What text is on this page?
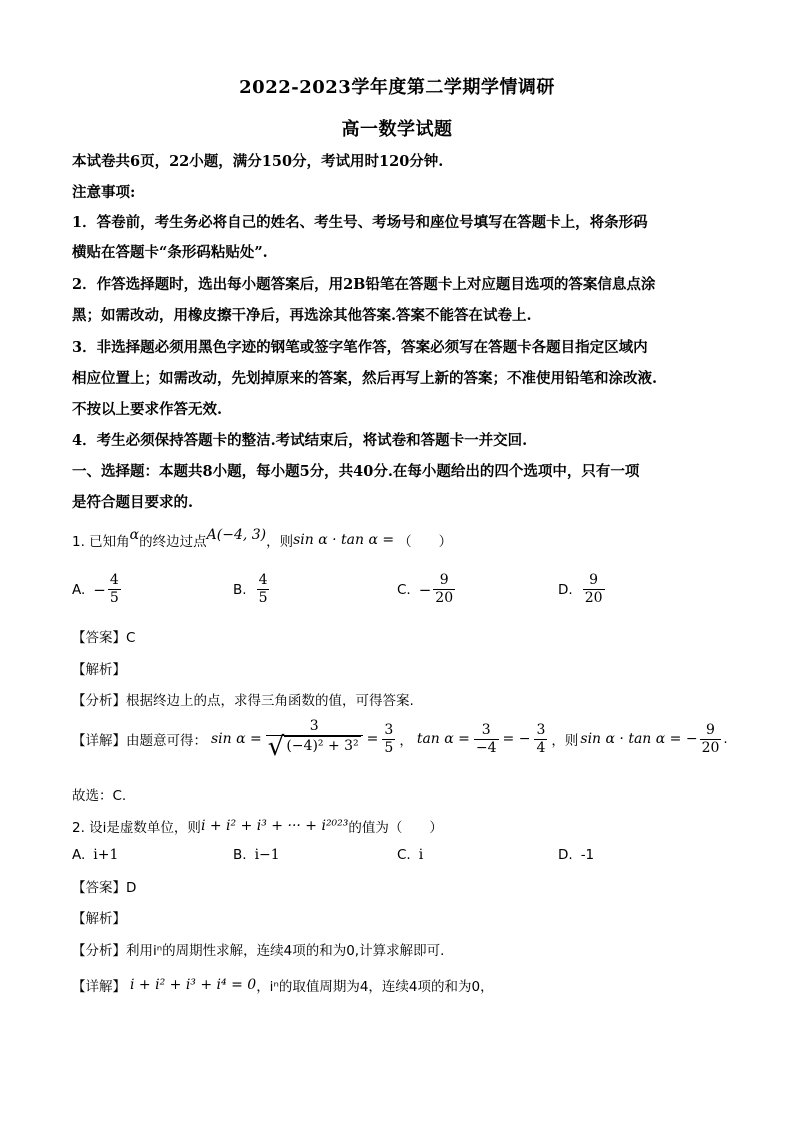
2022-2023学年度第二学期学情调研
高一数学试题
本试卷共6页，22小题，满分150分，考试用时120分钟.
注意事项:
1．答卷前，考生务必将自己的姓名、考生号、考场号和座位号填写在答题卡上，将条形码
横贴在答题卡“条形码粘贴处”.
2．作答选择题时，选出每小题答案后，用2B铅笔在答题卡上对应题目选项的答案信息点涂
黑；如需改动，用橡皮擦干净后，再选涂其他答案.答案不能答在试卷上.
3．非选择题必须用黑色字迹的钢笔或签字笔作答，答案必须写在答题卡各题目指定区域内
相应位置上；如需改动，先划掉原来的答案，然后再写上新的答案；不准使用铅笔和涂改液.
不按以上要求作答无效.
4．考生必须保持答题卡的整洁.考试结束后，将试卷和答题卡一并交回.
一、选择题：本题共8小题，每小题5分，共40分.在每小题给出的四个选项中，只有一项
是符合题目要求的.
1. 已知角 α 的终边过点 A(−4, 3) ，则 sin α · tan α = （　　）
A. − $\frac{4}{5}$	B. $\frac{4}{5}$	C. − $\frac{9}{20}$	D. $\frac{9}{20}$
【答案】C
【解析】
【分析】根据终边上的点，求得三角函数的值，可得答案.
【详解】由题意可得： $\sin \alpha = \frac{3}{\text{√ (−4)² + 3²}} = \frac{3}{5}$ ， $\tan \alpha = \frac{3}{-4}$ = − $\frac{3}{4}$ ，则 sin α · tan α = − $\frac{9}{20}$ .
故选：C.
2. 设i是虚数单位，则 i + i² + i³ + ··· + i²⁰²³ 的值为（　　）
A. i+1	B. i−1	C. i	D. -1
【答案】D
【解析】
【分析】利用iⁿ的周期性求解，连续4项的和为0,计算求解即可.
【详解】 i + i² + i³ + i⁴ = 0 ，iⁿ的取值周期为4，连续4项的和为0，
